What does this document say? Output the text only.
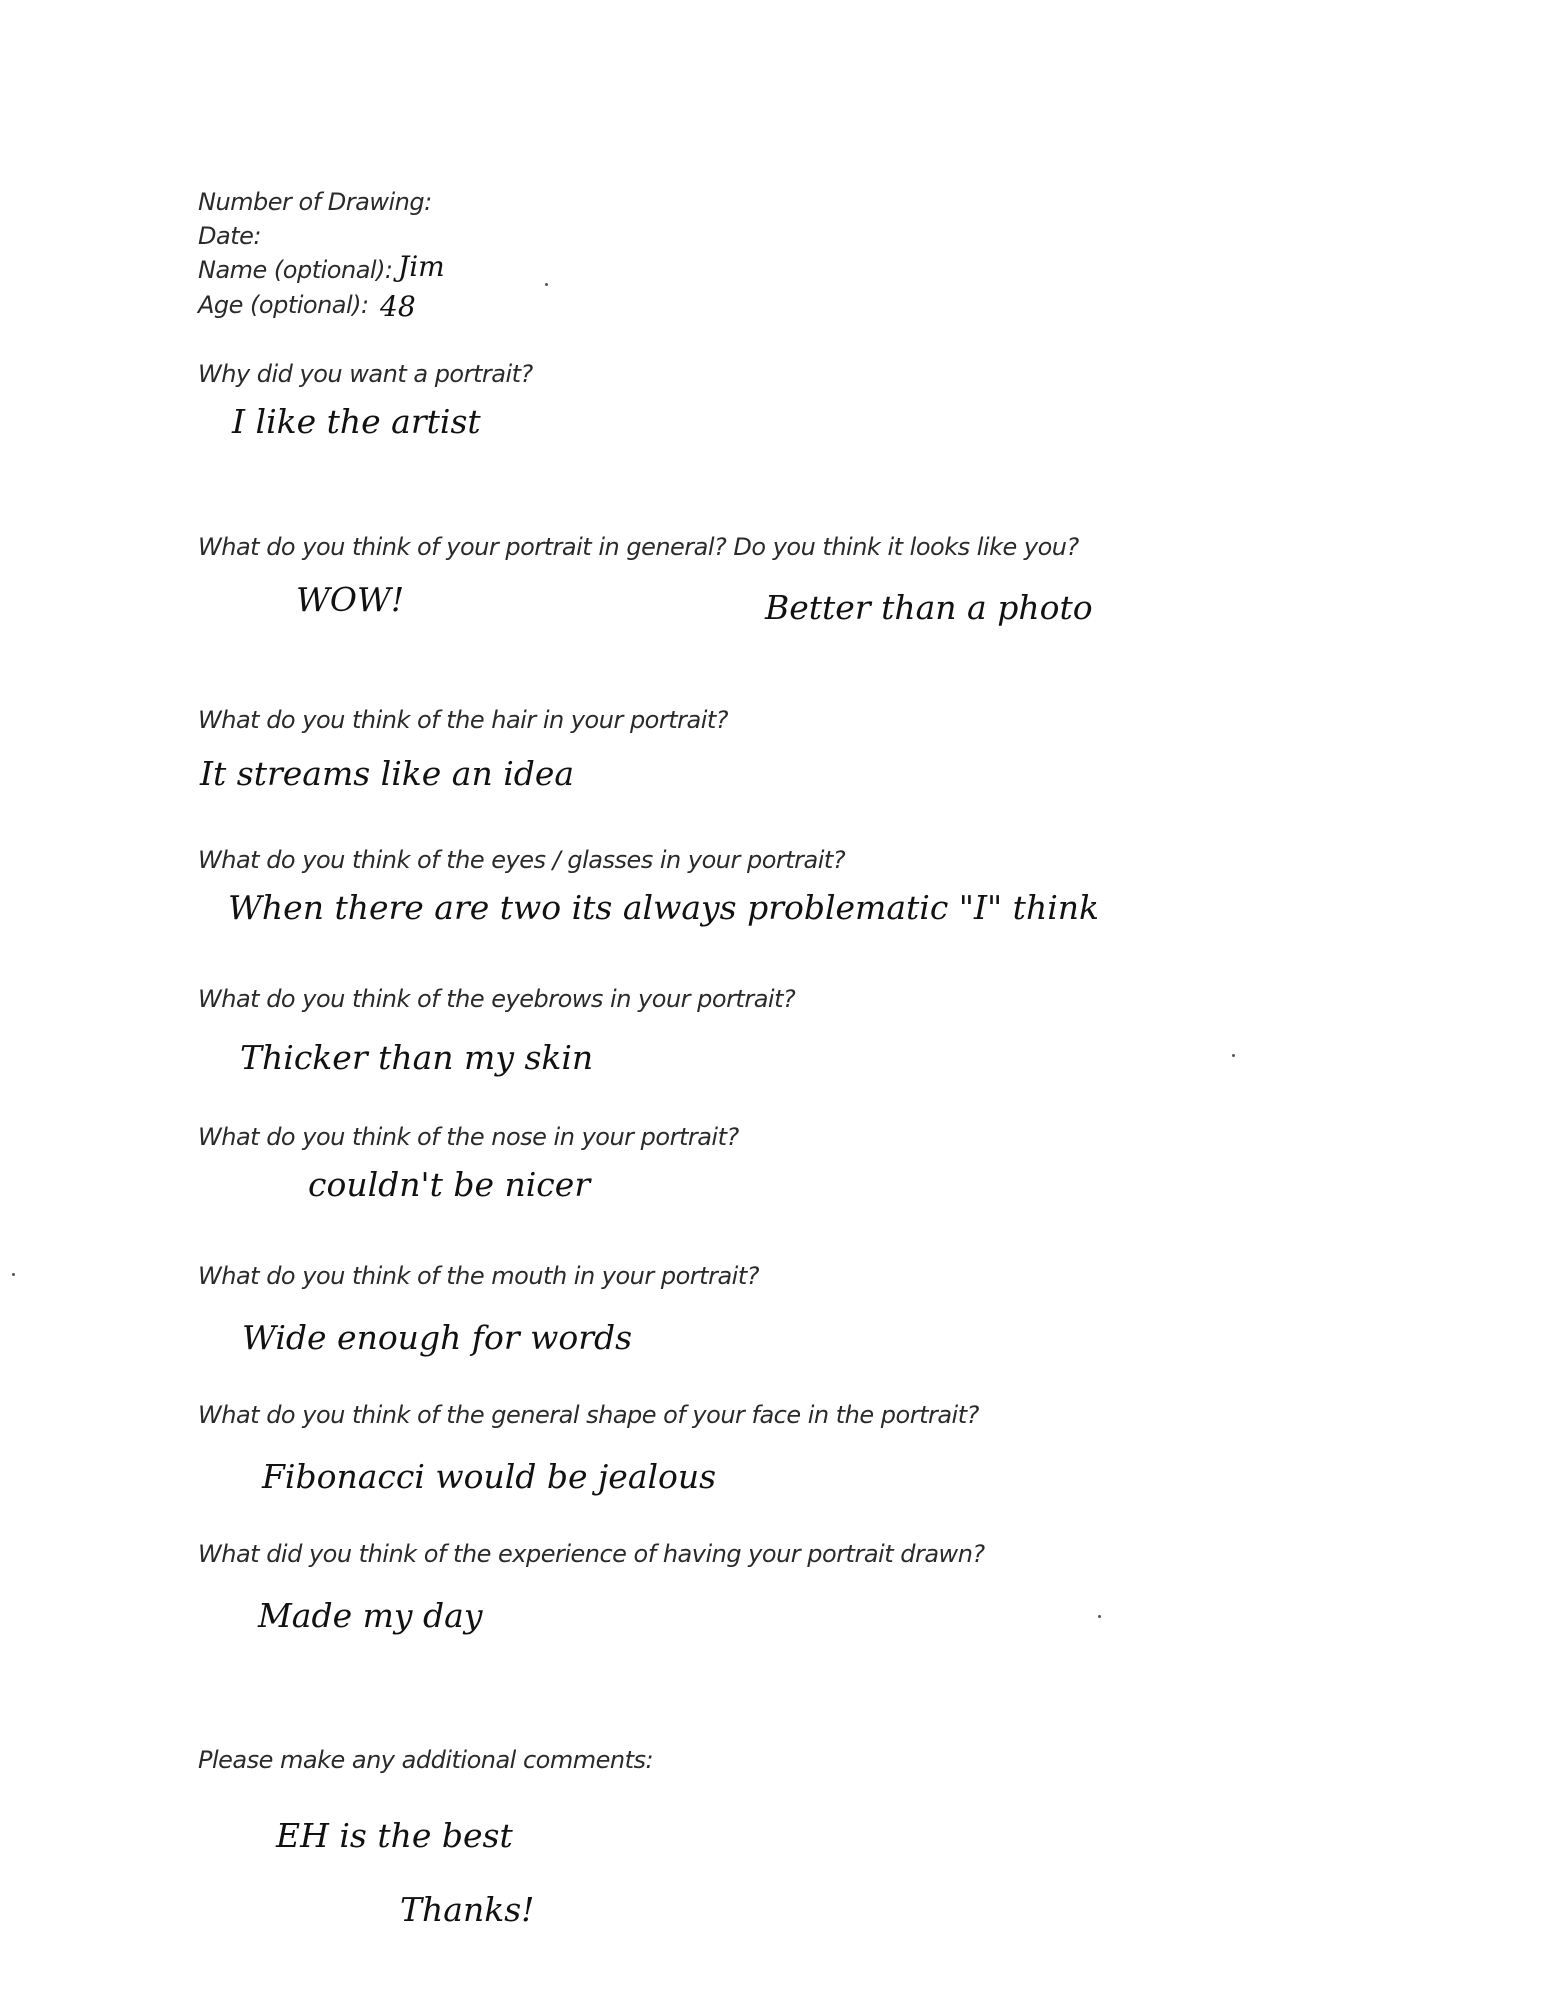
Number of Drawing:
Date:
Name (optional): Jim
Age (optional): 48
Why did you want a portrait?
I like the artist
What do you think of your portrait in general? Do you think it looks like you?
WOW!	Better than a photo
What do you think of the hair in your portrait?
It streams like an idea
What do you think of the eyes / glasses in your portrait?
When there are two its always problematic "I" think
What do you think of the eyebrows in your portrait?
Thicker than my skin
What do you think of the nose in your portrait?
couldn't be nicer
What do you think of the mouth in your portrait?
Wide enough for words
What do you think of the general shape of your face in the portrait?
Fibonacci would be jealous
What did you think of the experience of having your portrait drawn?
Made my day
Please make any additional comments:
EH is the best
Thanks!
